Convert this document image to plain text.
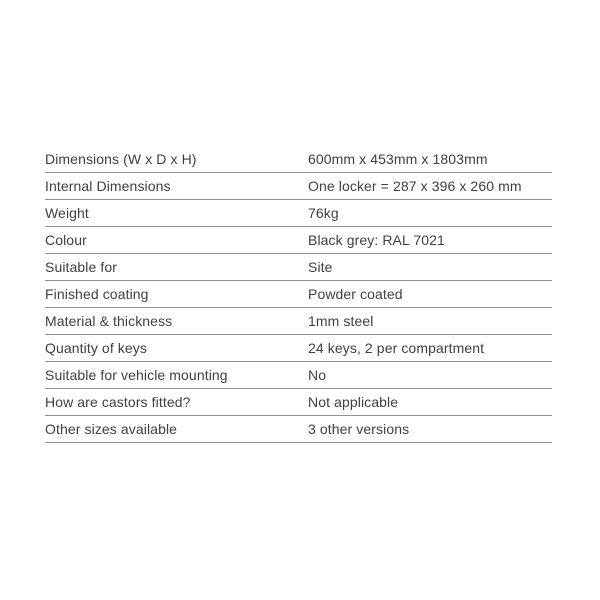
Dimensions (W x D x H)	600mm x 453mm x 1803mm
Internal Dimensions	One locker = 287 x 396 x 260 mm
Weight	76kg
Colour	Black grey: RAL 7021
Suitable for	Site
Finished coating	Powder coated
Material & thickness	1mm steel
Quantity of keys	24 keys, 2 per compartment
Suitable for vehicle mounting	No
How are castors fitted?	Not applicable
Other sizes available	3 other versions
